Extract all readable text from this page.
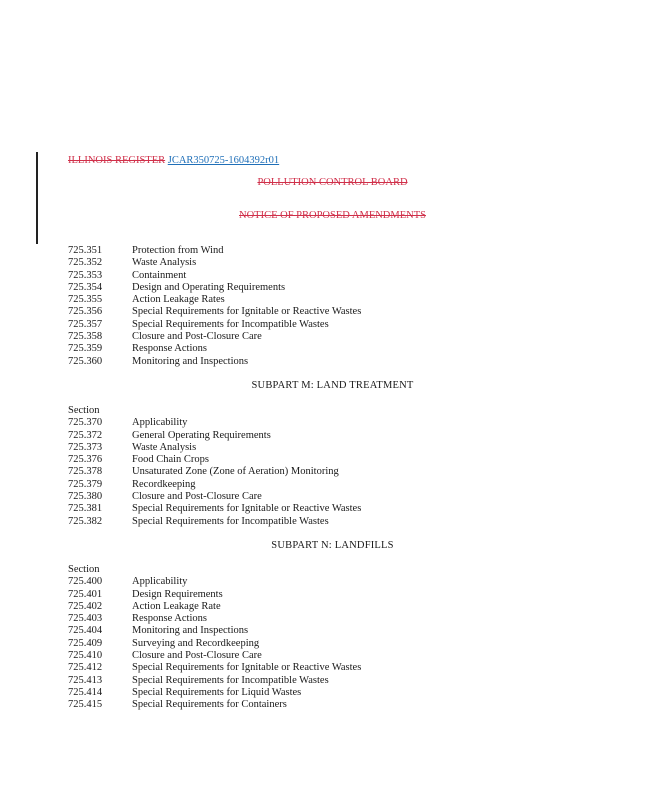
ILLINOIS REGISTER JCAR350725-1604392r01
POLLUTION CONTROL BOARD
NOTICE OF PROPOSED AMENDMENTS
725.351	Protection from Wind
725.352	Waste Analysis
725.353	Containment
725.354	Design and Operating Requirements
725.355	Action Leakage Rates
725.356	Special Requirements for Ignitable or Reactive Wastes
725.357	Special Requirements for Incompatible Wastes
725.358	Closure and Post-Closure Care
725.359	Response Actions
725.360	Monitoring and Inspections
SUBPART M: LAND TREATMENT
Section
725.370	Applicability
725.372	General Operating Requirements
725.373	Waste Analysis
725.376	Food Chain Crops
725.378	Unsaturated Zone (Zone of Aeration) Monitoring
725.379	Recordkeeping
725.380	Closure and Post-Closure Care
725.381	Special Requirements for Ignitable or Reactive Wastes
725.382	Special Requirements for Incompatible Wastes
SUBPART N: LANDFILLS
Section
725.400	Applicability
725.401	Design Requirements
725.402	Action Leakage Rate
725.403	Response Actions
725.404	Monitoring and Inspections
725.409	Surveying and Recordkeeping
725.410	Closure and Post-Closure Care
725.412	Special Requirements for Ignitable or Reactive Wastes
725.413	Special Requirements for Incompatible Wastes
725.414	Special Requirements for Liquid Wastes
725.415	Special Requirements for Containers
